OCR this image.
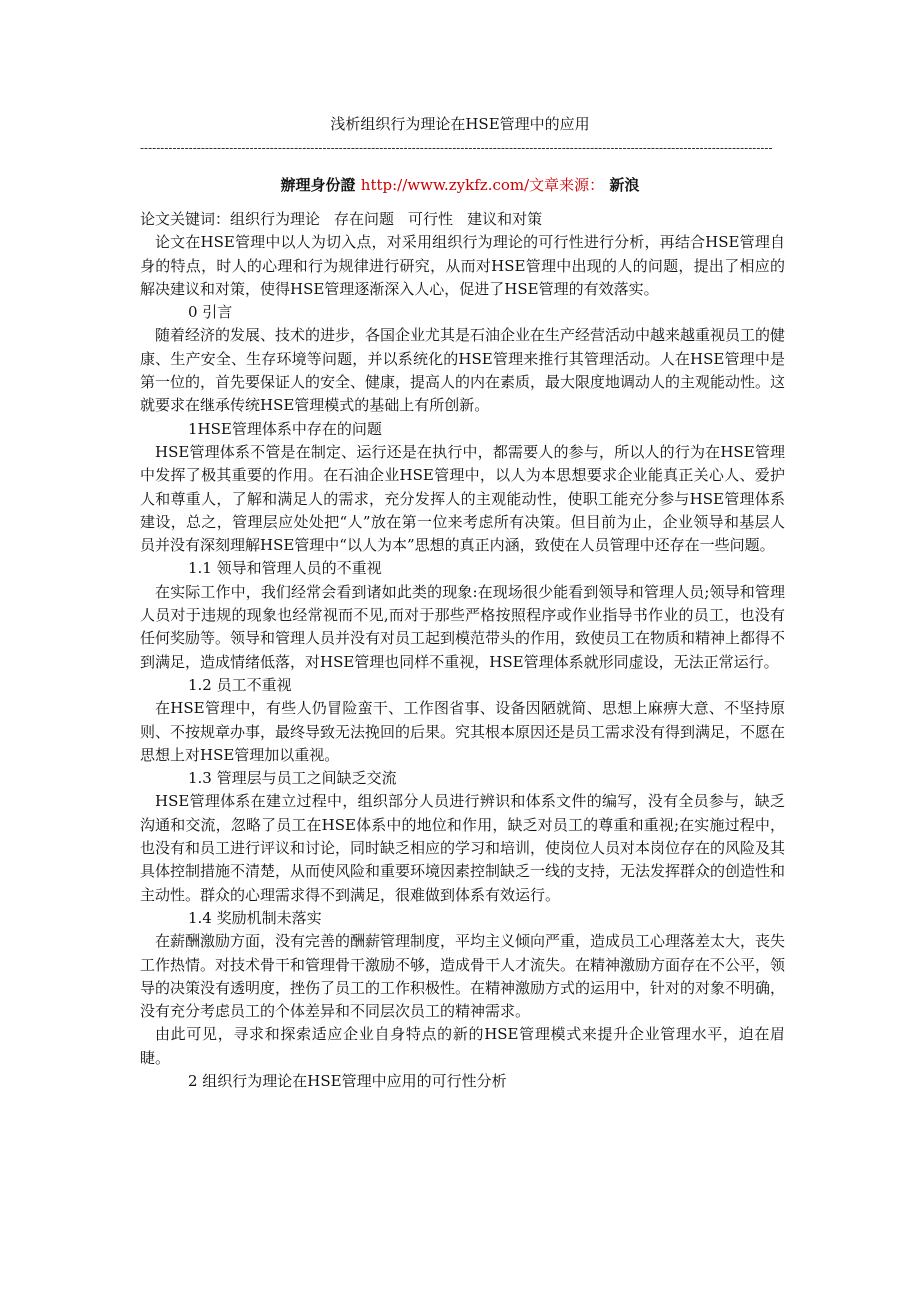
浅析组织行为理论在HSE管理中的应用
------------------------------------------------------------------------------------------------------------------------------------------------------------
辦理身份證 http://www.zykfz.com/文章来源： 新浪

论文关键词：组织行为理论 存在问题 可行性 建议和对策

论文在HSE管理中以人为切入点，对采用组织行为理论的可行性进行分析，再结合HSE管理自身的特点，时人的心理和行为规律进行研究，从而对HSE管理中出现的人的问题，提出了相应的解决建议和对策，使得HSE管理逐渐深入人心，促进了HSE管理的有效落实。

0 引言

随着经济的发展、技术的进步，各国企业尤其是石油企业在生产经营活动中越来越重视员工的健康、生产安全、生存环境等问题，并以系统化的HSE管理来推行其管理活动。人在HSE管理中是第一位的，首先要保证人的安全、健康，提高人的内在素质，最大限度地调动人的主观能动性。这就要求在继承传统HSE管理模式的基础上有所创新。

1HSE管理体系中存在的问题

HSE管理体系不管是在制定、运行还是在执行中，都需要人的参与，所以人的行为在HSE管理中发挥了极其重要的作用。在石油企业HSE管理中，以人为本思想要求企业能真正关心人、爱护人和尊重人，了解和满足人的需求，充分发挥人的主观能动性，使职工能充分参与HSE管理体系建设，总之，管理层应处处把“人”放在第一位来考虑所有决策。但目前为止，企业领导和基层人员并没有深刻理解HSE管理中“以人为本”思想的真正内涵，致使在人员管理中还存在一些问题。

1.1 领导和管理人员的不重视

在实际工作中，我们经常会看到诸如此类的现象:在现场很少能看到领导和管理人员;领导和管理人员对于违规的现象也经常视而不见,而对于那些严格按照程序或作业指导书作业的员工，也没有任何奖励等。领导和管理人员并没有对员工起到模范带头的作用，致使员工在物质和精神上都得不到满足，造成情绪低落，对HSE管理也同样不重视，HSE管理体系就形同虚设，无法正常运行。

1.2 员工不重视

在HSE管理中，有些人仍冒险蛮干、工作图省事、设备因陋就简、思想上麻痹大意、不坚持原则、不按规章办事，最终导致无法挽回的后果。究其根本原因还是员工需求没有得到满足，不愿在思想上对HSE管理加以重视。

1.3 管理层与员工之间缺乏交流

HSE管理体系在建立过程中，组织部分人员进行辨识和体系文件的编写，没有全员参与，缺乏沟通和交流，忽略了员工在HSE体系中的地位和作用，缺乏对员工的尊重和重视;在实施过程中，也没有和员工进行评议和讨论，同时缺乏相应的学习和培训，使岗位人员对本岗位存在的风险及其具体控制措施不清楚，从而使风险和重要环境因素控制缺乏一线的支持，无法发挥群众的创造性和主动性。群众的心理需求得不到满足，很难做到体系有效运行。

1.4 奖励机制未落实

在薪酬激励方面，没有完善的酬薪管理制度，平均主义倾向严重，造成员工心理落差太大，丧失工作热情。对技术骨干和管理骨干激励不够，造成骨干人才流失。在精神激励方面存在不公平，领导的决策没有透明度，挫伤了员工的工作积极性。在精神激励方式的运用中，针对的对象不明确，没有充分考虑员工的个体差异和不同层次员工的精神需求。

由此可见，寻求和探索适应企业自身特点的新的HSE管理模式来提升企业管理水平，迫在眉睫。

2 组织行为理论在HSE管理中应用的可行性分析
